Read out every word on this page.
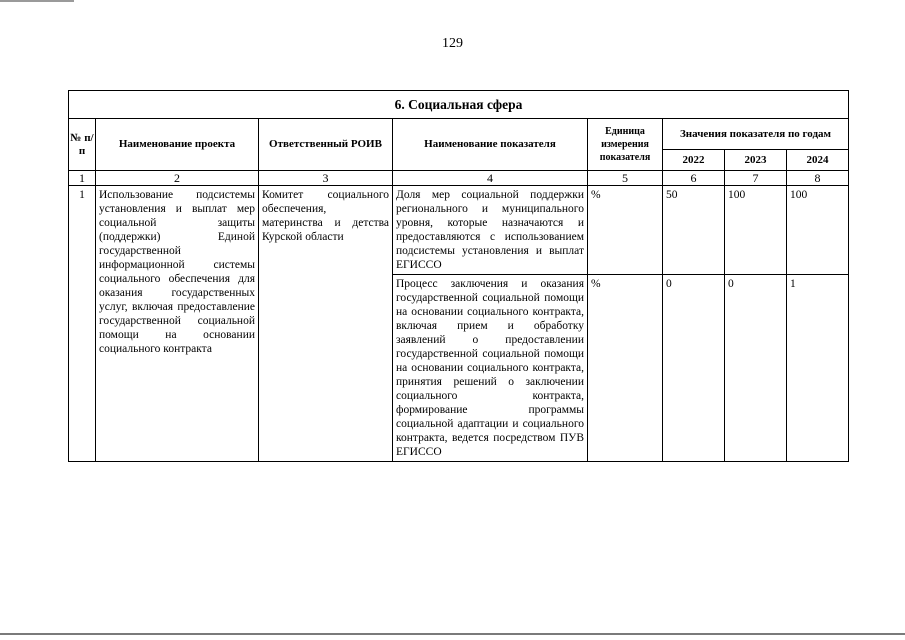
129
6. Социальная сфера							
№ п/п	Наименование проекта	Ответственный РОИВ	Наименование показателя	Единица измерения показателя	Значения показателя по годам		
					2022	2023	2024
1	2	3	4	5	6	7	8
1	Использование подсистемы установления и выплат мер социальной защиты (поддержки) Единой государственной информационной системы социального обеспечения для оказания государственных услуг, включая предоставление государственной социальной помощи на основании социального контракта	Комитет социального обеспечения, материнства и детства Курской области	Доля мер социальной поддержки регионального и муниципального уровня, которые назначаются и предоставляются с использованием подсистемы установления и выплат ЕГИССО	%	50	100	100
			Процесс заключения и оказания государственной социальной помощи на основании социального контракта, включая прием и обработку заявлений о предоставлении государственной социальной помощи на основании социального контракта, принятия решений о заключении социального контракта, формирование программы социальной адаптации и социального контракта, ведется посредством ПУВ ЕГИССО	%	0	0	1
